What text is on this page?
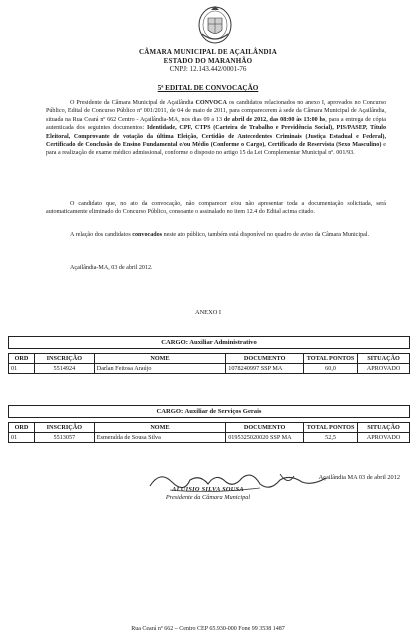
CÂMARA MUNICIPAL DE AÇAILÂNDIA
ESTADO DO MARANHÃO
CNPJ: 12.143.442/0001-76
5ª EDITAL DE CONVOCAÇÃO
O Presidente da Câmara Municipal de Açailândia CONVOCA os candidatos relacionados no anexo I, aprovados no Concurso Público, Edital de Concurso Público nº 001/2011, de 04 de maio de 2011, para comparecerem à sede da Câmara Municipal de Açailândia, situada na Rua Ceará nº 662 Centro - Açailândia-MA, nos dias 09 a 13 de abril de 2012, das 08:00 às 13:00 hs, para a entrega de cópia autenticada dos seguintes documentos: Identidade, CPF, CTPS (Carteira de Trabalho e Previdência Social), PIS/PASEP, Título Eleitoral, Comprovante de votação da última Eleição, Certidão de Antecedentes Criminais (Justiça Estadual e Federal), Certificado de Conclusão do Ensino Fundamental e/ou Médio (Conforme o Cargo), Certificado de Reservista (Sexo Masculino) e para a realização de exame médico admissional, conforme o disposto no artigo 15 da Lei Complementar Municipal nº. 001/93.
O candidato que, no ato da convocação, não comparecer e/ou não apresentar toda a documentação solicitada, será automaticamente eliminado do Concurso Público, consoante o assinalado no item 12.4 do Edital acima citado.
A relação dos candidatos convocados neste ato público, também está disponível no quadro de aviso da Câmara Municipal.
Açailândia-MA, 03 de abril 2012.
ANEXO I
CARGO: Auxiliar Administrativo					

ORD	INSCRIÇÃO	NOME	DOCUMENTO	TOTAL PONTOS	SITUAÇÃO
01	5514924	Darlan Feitosa Araújo	1078240997 SSP MA	60,0	APROVADO
CARGO: Auxiliar de Serviços Gerais					

ORD	INSCRIÇÃO	NOME	DOCUMENTO	TOTAL PONTOS	SITUAÇÃO
01	5513057	Esmeralda de Sousa Silva	0195325020020 SSP MA	52,5	APROVADO
Açailândia MA 03 de abril 2012
ALUISIO SILVA SOUSA
Presidente da Câmara Municipal
Rua Ceará nº 662 – Centro CEP 65.930-000 Fone 99 3538 1487
